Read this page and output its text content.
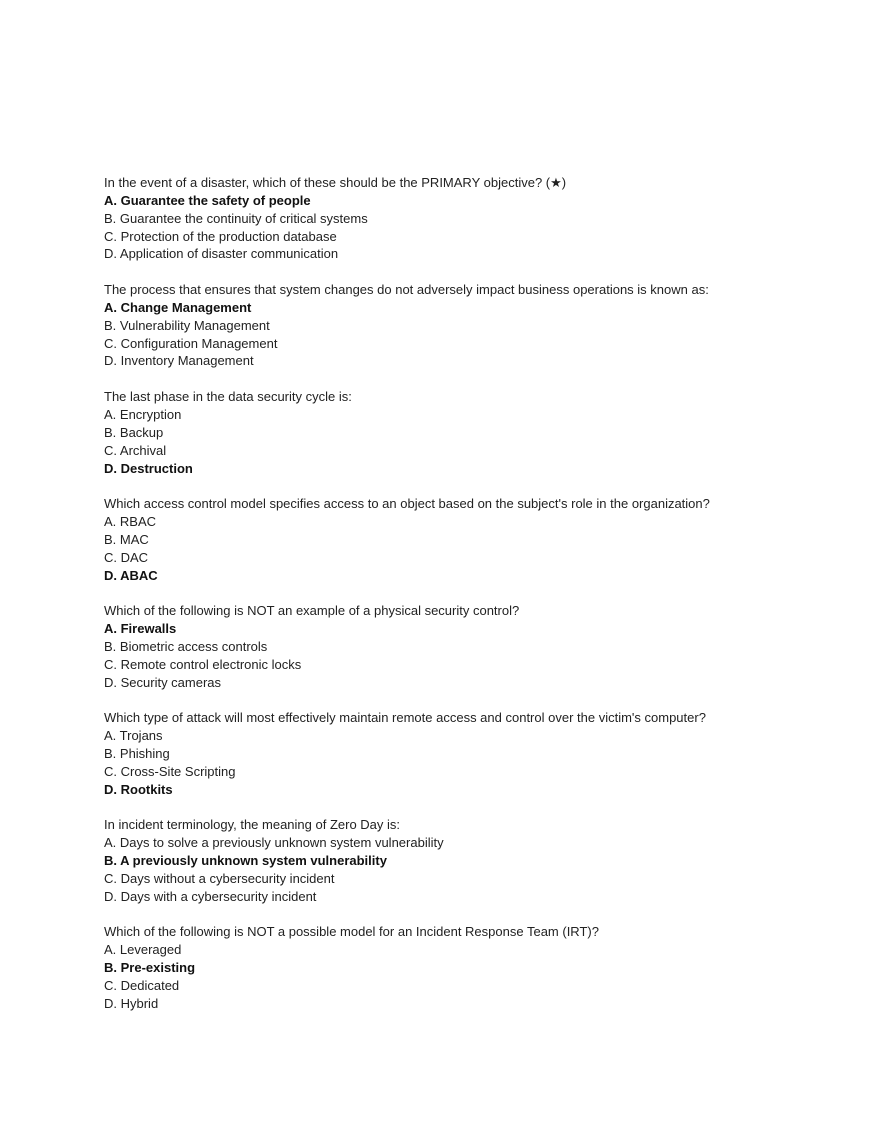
In the event of a disaster, which of these should be the PRIMARY objective? (★)
A. Guarantee the safety of people
B. Guarantee the continuity of critical systems
C. Protection of the production database
D. Application of disaster communication
The process that ensures that system changes do not adversely impact business operations is known as:
A. Change Management
B. Vulnerability Management
C. Configuration Management
D. Inventory Management
The last phase in the data security cycle is:
A. Encryption
B. Backup
C. Archival
D. Destruction
Which access control model specifies access to an object based on the subject's role in the organization?
A. RBAC
B. MAC
C. DAC
D. ABAC
Which of the following is NOT an example of a physical security control?
A. Firewalls
B. Biometric access controls
C. Remote control electronic locks
D. Security cameras
Which type of attack will most effectively maintain remote access and control over the victim's computer?
A. Trojans
B. Phishing
C. Cross-Site Scripting
D. Rootkits
In incident terminology, the meaning of Zero Day is:
A. Days to solve a previously unknown system vulnerability
B. A previously unknown system vulnerability
C. Days without a cybersecurity incident
D. Days with a cybersecurity incident
Which of the following is NOT a possible model for an Incident Response Team (IRT)?
A. Leveraged
B. Pre-existing
C. Dedicated
D. Hybrid
